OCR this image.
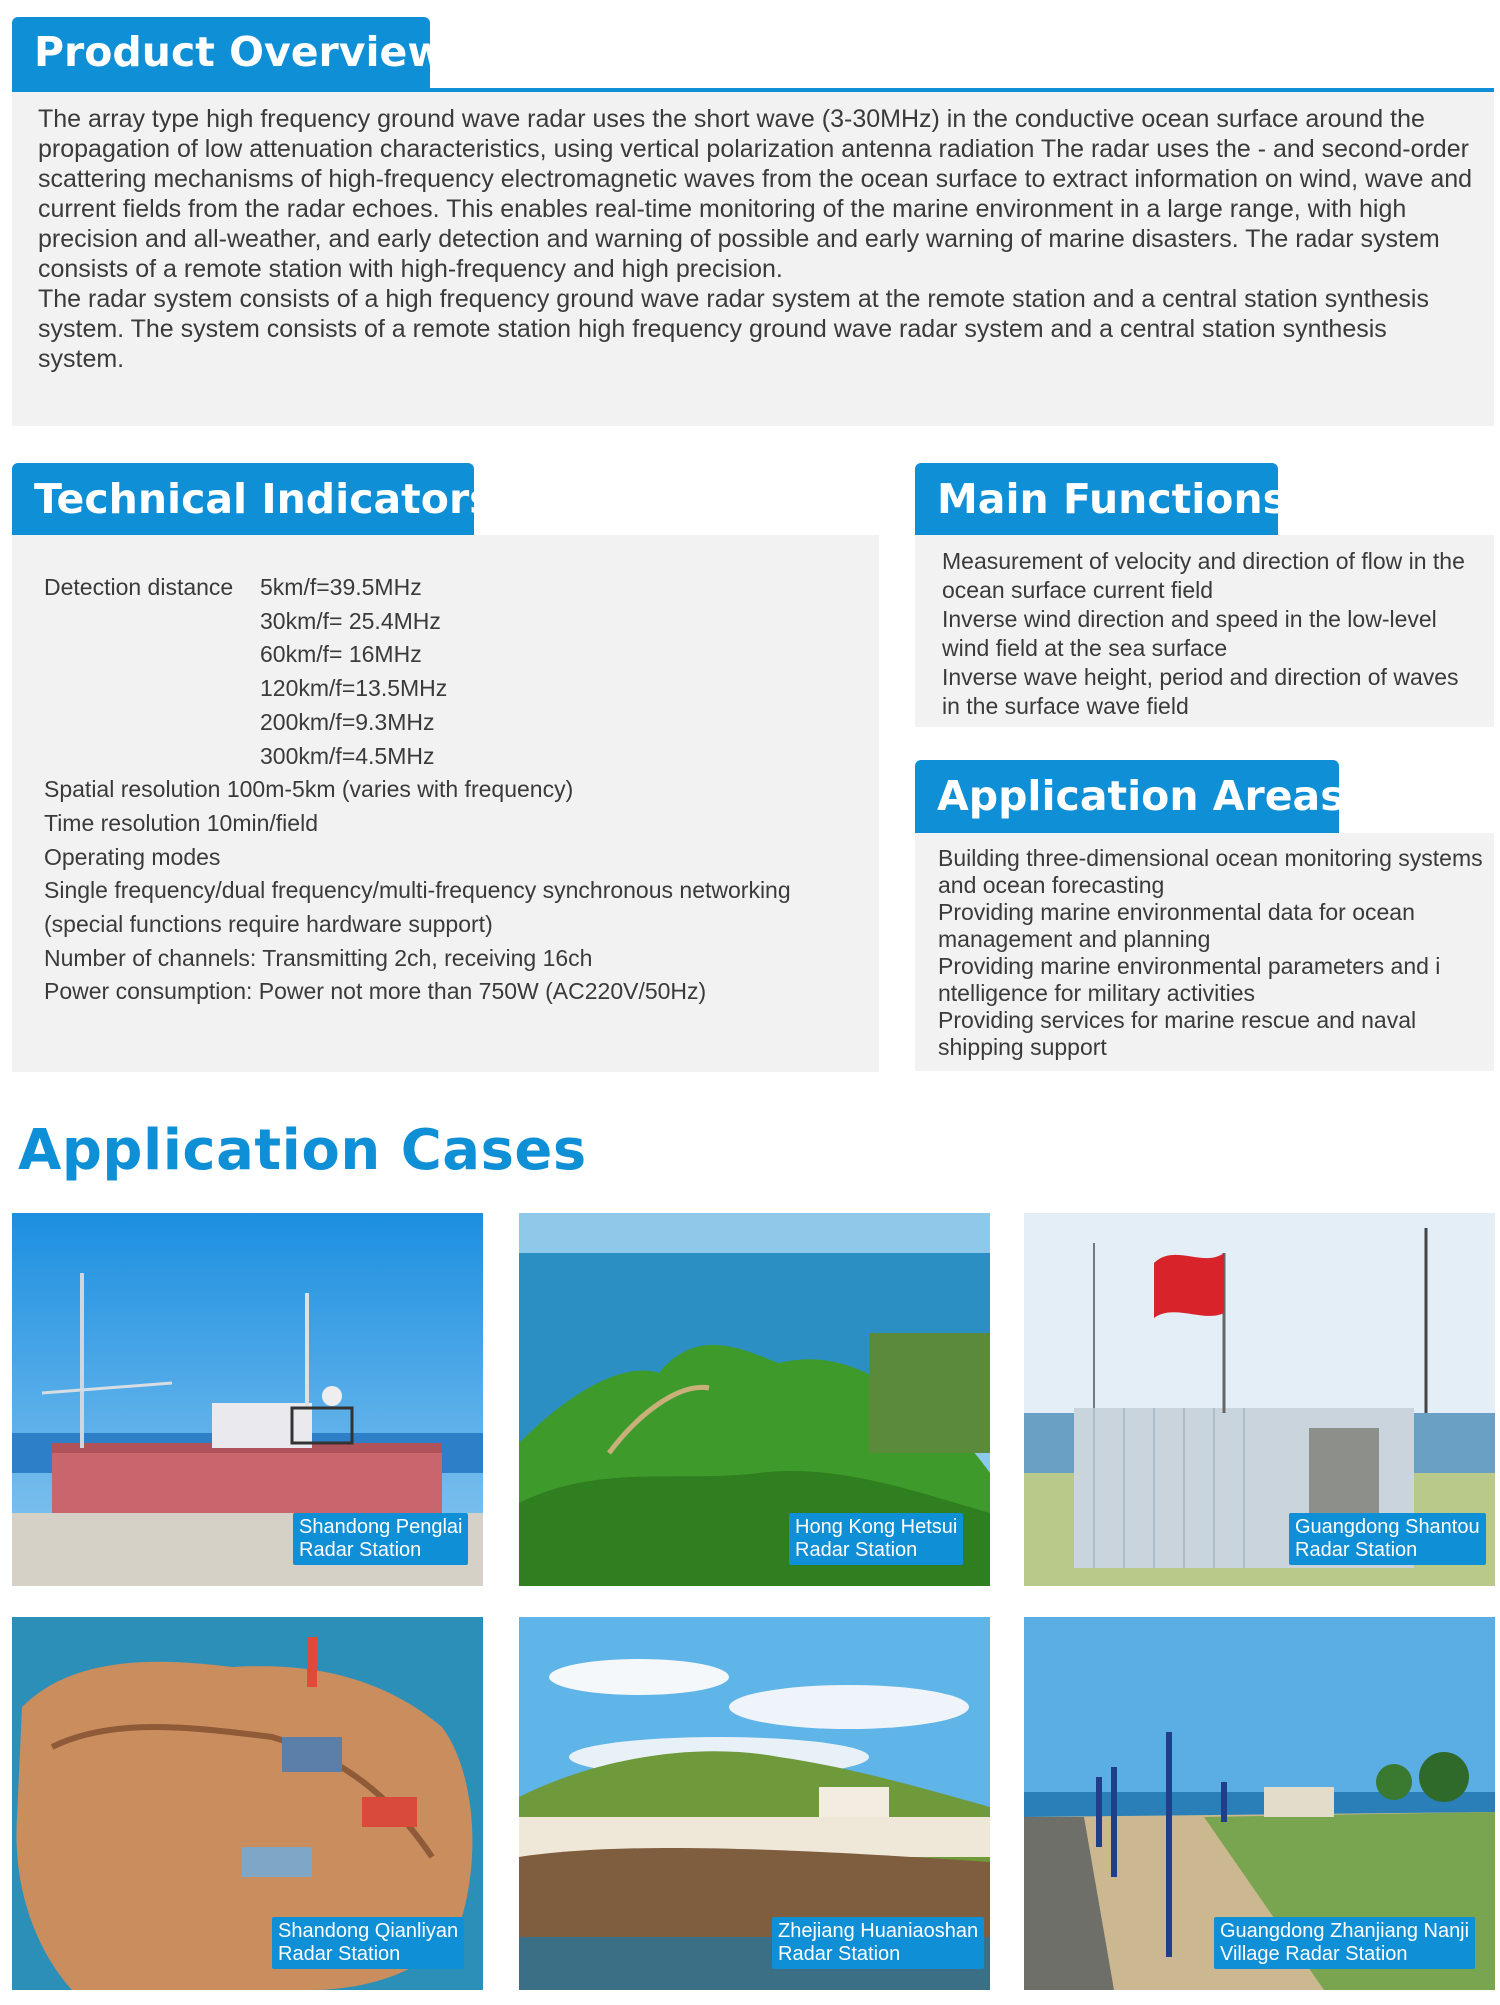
Product Overview

The array type high frequency ground wave radar uses the short wave (3-30MHz) in the conductive ocean surface around the propagation of low attenuation characteristics, using vertical polarization antenna radiation The radar uses the - and second-order scattering mechanisms of high-frequency electromagnetic waves from the ocean surface to extract information on wind, wave and current fields from the radar echoes. This enables real-time monitoring of the marine environment in a large range, with high precision and all-weather, and early detection and warning of possible and early warning of marine disasters. The radar system consists of a remote station with high-frequency and high precision.

The radar system consists of a high frequency ground wave radar system at the remote station and a central station synthesis system. The system consists of a remote station high frequency ground wave radar system and a central station synthesis system.

Technical Indicators
Detection distance	5km/f=39.5MHz
30km/f= 25.4MHz
60km/f= 16MHz
120km/f=13.5MHz
200km/f=9.3MHz
300km/f=4.5MHz
Spatial resolution 100m-5km (varies with frequency)
Time resolution 10min/field
Operating modes
Single frequency/dual frequency/multi-frequency synchronous networking
(special functions require hardware support)
Number of channels: Transmitting 2ch, receiving 16ch
Power consumption: Power not more than 750W (AC220V/50Hz)
Main Functions
Measurement of velocity and direction of flow in the
ocean surface current field
Inverse wind direction and speed in the low-level
wind field at the sea surface
Inverse wave height, period and direction of waves
in the surface wave field
Application Areas
Building three-dimensional ocean monitoring systems
and ocean forecasting
Providing marine environmental data for ocean
management and planning
Providing marine environmental parameters and i
ntelligence for military activities
Providing services for marine rescue and naval
shipping support
Application Cases
Shandong Penglai
Radar Station
Hong Kong Hetsui
Radar Station
Guangdong Shantou
Radar Station
Shandong Qianliyan
Radar Station
Zhejiang Huaniaoshan
Radar Station
Guangdong Zhanjiang Nanji
Village Radar Station
